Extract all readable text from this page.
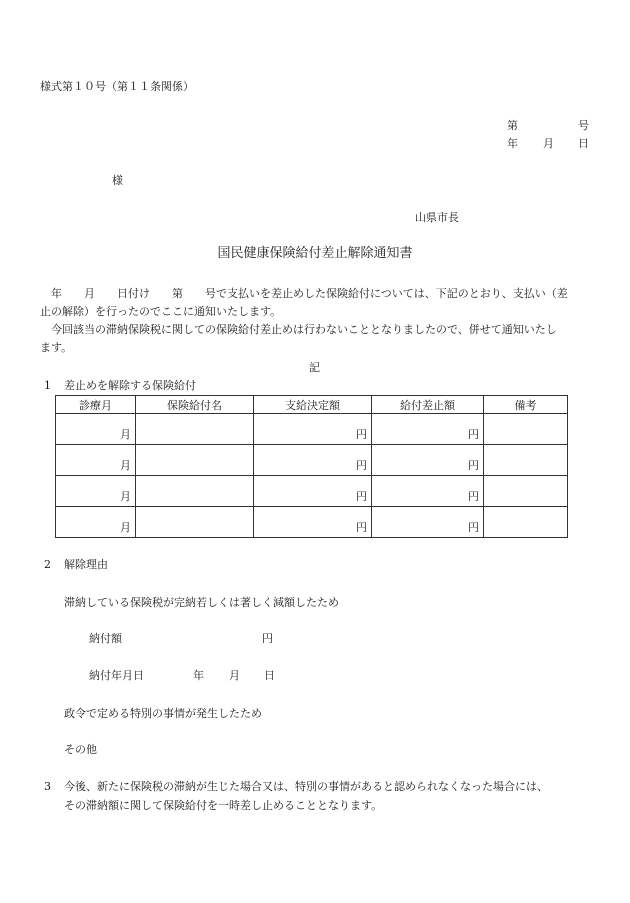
様式第１０号（第１１条関係）
第	号
年 月 日
様
山県市長
国民健康保険給付差止解除通知書
年　　月　　日付け　　第　　号で支払いを差止めした保険給付については、下記のとおり、支払い（差
止の解除）を行ったのでここに通知いたします。
今回該当の滞納保険税に関しての保険給付差止めは行わないこととなりましたので、併せて通知いたし
ます。
記
1 差止めを解除する保険給付
診療月	保険給付名	支給決定額	給付差止額	備考
月		円	円	
月		円	円	
月		円	円	
月		円	円	
2 解除理由
滞納している保険税が完納若しくは著しく減額したため
納付額	円
納付年月日	年 月 日
政令で定める特別の事情が発生したため
その他
3 今後、新たに保険税の滞納が生じた場合又は、特別の事情があると認められなくなった場合には、
その滞納額に関して保険給付を一時差し止めることとなります。
